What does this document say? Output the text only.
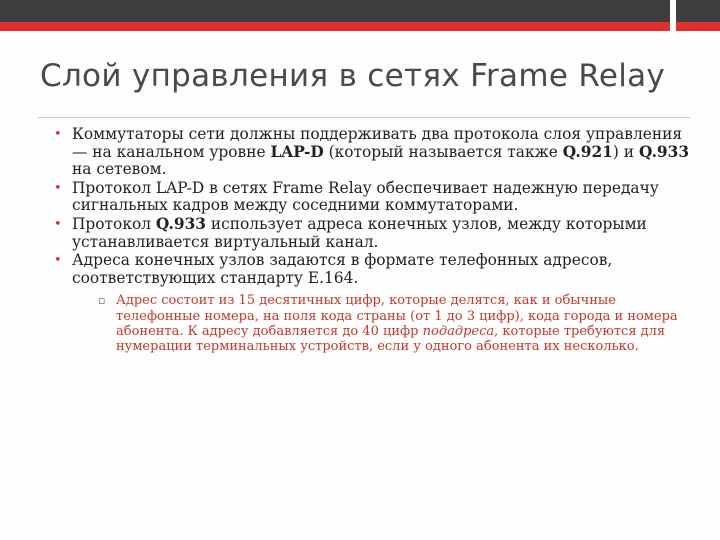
Слой управления в сетях Frame Relay
• Коммутаторы сети должны поддерживать два протокола слоя управления — на канальном уровне LAP-D (который называется также Q.921) и Q.933 на сетевом.
• Протокол LAP-D в сетях Frame Relay обеспечивает надежную передачу сигнальных кадров между соседними коммутаторами.
• Протокол Q.933 использует адреса конечных узлов, между которыми устанавливается виртуальный канал.
• Адреса конечных узлов задаются в формате телефонных адресов, соответствующих стандарту E.164.
▫ Адрес состоит из 15 десятичных цифр, которые делятся, как и обычные телефонные номера, на поля кода страны (от 1 до 3 цифр), кода города и номера абонента. К адресу добавляется до 40 цифр подадреса, которые требуются для нумерации терминальных устройств, если у одного абонента их несколько.
